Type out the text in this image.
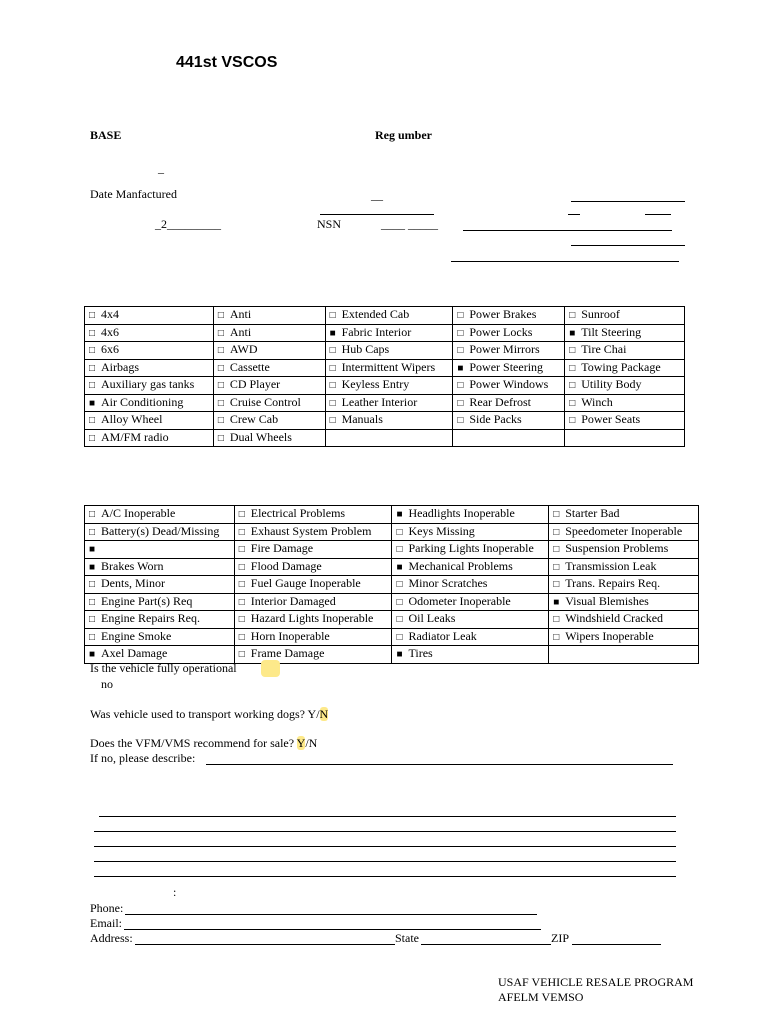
441st VSCOS
BASE	Reg umber
_
Date Manfactured	__
_2_________	NSN	____ _____
□ 4x4	□ Anti	□ Extended Cab	□ Power Brakes	□ Sunroof
□ 4x6	□ Anti	■ Fabric Interior	□ Power Locks	■ Tilt Steering
□ 6x6	□ AWD	□ Hub Caps	□ Power Mirrors	□ Tire Chai
□ Airbags	□ Cassette	□ Intermittent Wipers	■ Power Steering	□ Towing Package
□ Auxiliary gas tanks	□ CD Player	□ Keyless Entry	□ Power Windows	□ Utility Body
■ Air Conditioning	□ Cruise Control	□ Leather Interior	□ Rear Defrost	□ Winch
□ Alloy Wheel	□ Crew Cab	□ Manuals	□ Side Packs	□ Power Seats
□ AM/FM radio	□ Dual Wheels			
□ A/C Inoperable	□ Electrical Problems	■ Headlights Inoperable	□ Starter Bad
□ Battery(s) Dead/Missing	□ Exhaust System Problem	□ Keys Missing	□ Speedometer Inoperable
■	□ Fire Damage	□ Parking Lights Inoperable	□ Suspension Problems
■ Brakes Worn	□ Flood Damage	■ Mechanical Problems	□ Transmission Leak
□ Dents, Minor	□ Fuel Gauge Inoperable	□ Minor Scratches	□ Trans. Repairs Req.
□ Engine Part(s) Req	□ Interior Damaged	□ Odometer Inoperable	■ Visual Blemishes
□ Engine Repairs Req.	□ Hazard Lights Inoperable	□ Oil Leaks	□ Windshield Cracked
□ Engine Smoke	□ Horn Inoperable	□ Radiator Leak	□ Wipers Inoperable
■ Axel Damage	□ Frame Damage	■ Tires	
Is the vehicle fully operational
no
Was vehicle used to transport working dogs? Y/N
Does the VFM/VMS recommend for sale? Y/N
If no, please describe:
:
Phone:
Email:
Address:	State	ZIP
USAF VEHICLE RESALE PROGRAM
AFELM VEMSO
